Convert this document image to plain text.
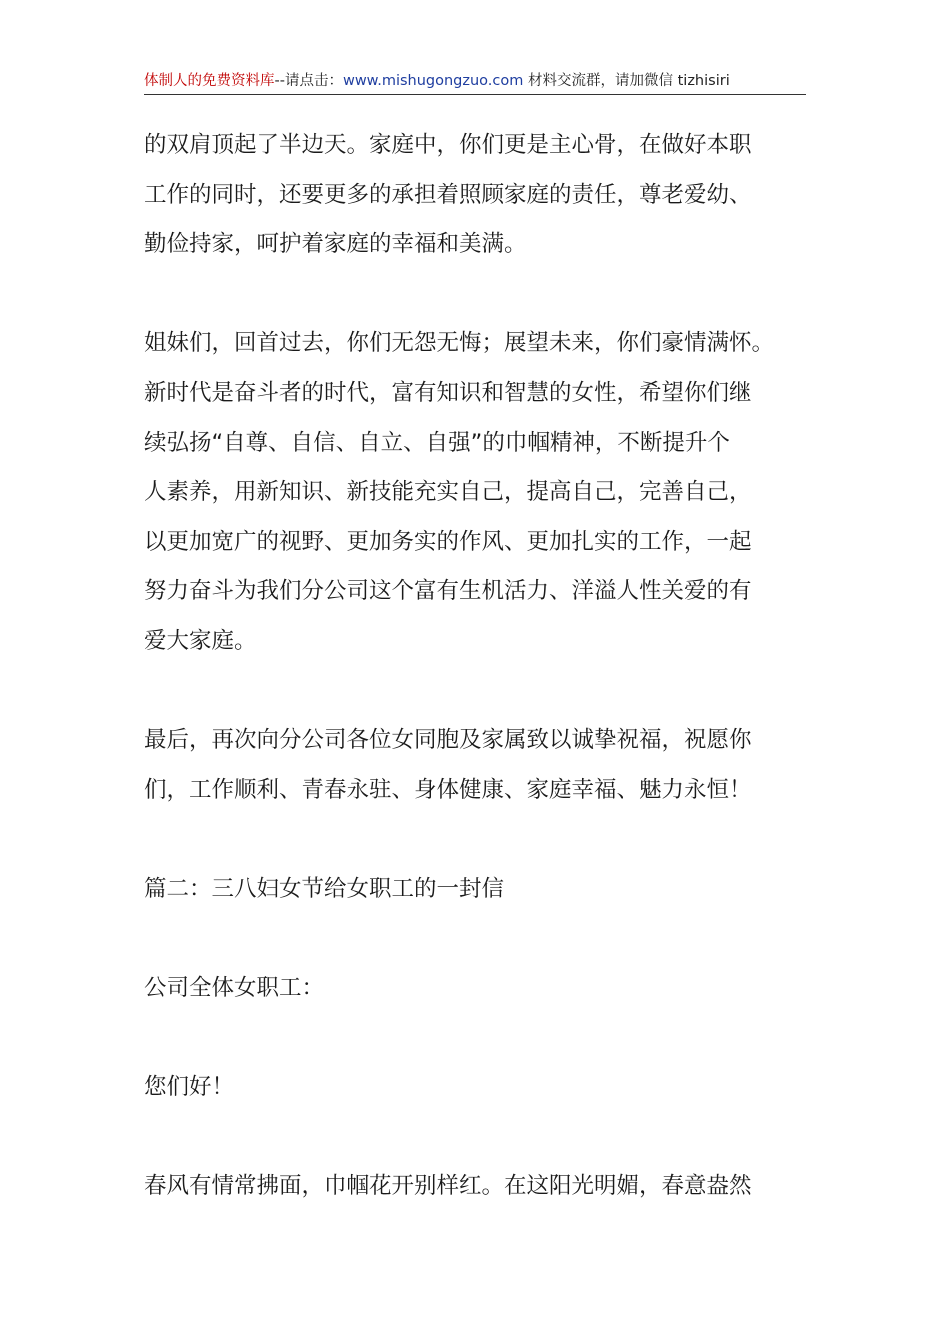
体制人的免费资料库--请点击：www.mishugongzuo.com 材料交流群，请加微信 tizhisiri
的双肩顶起了半边天。家庭中，你们更是主心骨，在做好本职
工作的同时，还要更多的承担着照顾家庭的责任，尊老爱幼、
勤俭持家，呵护着家庭的幸福和美满。
姐妹们，回首过去，你们无怨无悔；展望未来，你们豪情满怀。
新时代是奋斗者的时代，富有知识和智慧的女性，希望你们继
续弘扬“自尊、自信、自立、自强”的巾帼精神，不断提升个
人素养，用新知识、新技能充实自己，提高自己，完善自己，
以更加宽广的视野、更加务实的作风、更加扎实的工作，一起
努力奋斗为我们分公司这个富有生机活力、洋溢人性关爱的有
爱大家庭。
最后，再次向分公司各位女同胞及家属致以诚挚祝福，祝愿你
们，工作顺利、青春永驻、身体健康、家庭幸福、魅力永恒！
篇二：三八妇女节给女职工的一封信
公司全体女职工：
您们好！
春风有情常拂面，巾帼花开别样红。在这阳光明媚，春意盎然
